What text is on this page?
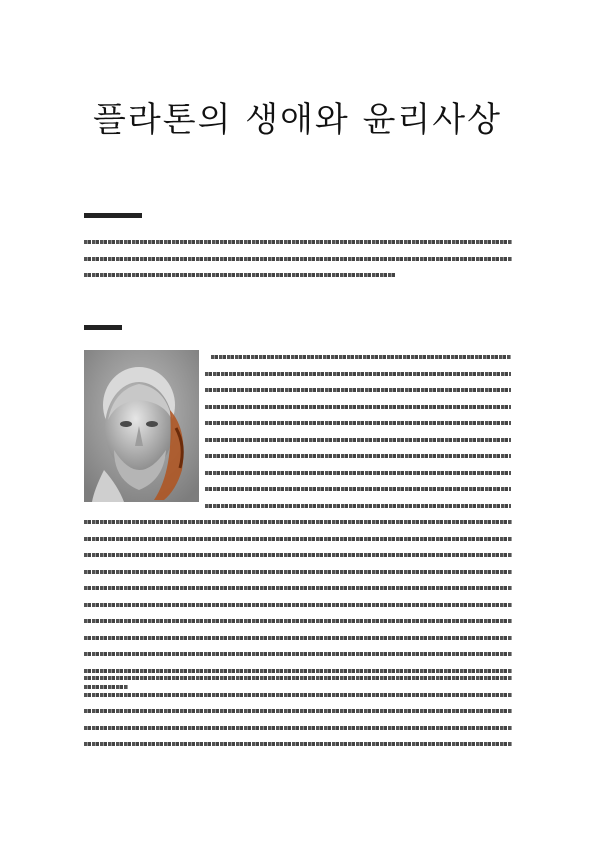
플라톤의 생애와 윤리사상
